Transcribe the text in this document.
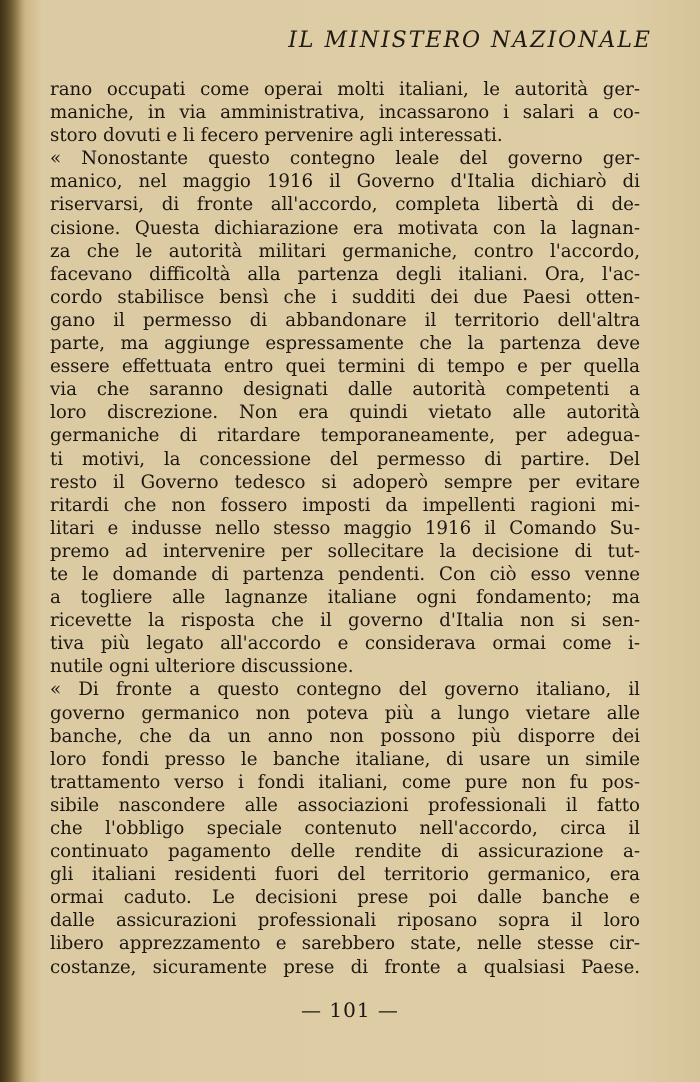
IL MINISTERO NAZIONALE
rano occupati come operai molti italiani, le autorità ger-
maniche, in via amministrativa, incassarono i salari a co-
storo dovuti e li fecero pervenire agli interessati.
« Nonostante questo contegno leale del governo ger-
manico, nel maggio 1916 il Governo d'Italia dichiarò di
riservarsi, di fronte all'accordo, completa libertà di de-
cisione. Questa dichiarazione era motivata con la lagnan-
za che le autorità militari germaniche, contro l'accordo,
facevano difficoltà alla partenza degli italiani. Ora, l'ac-
cordo stabilisce bensì che i sudditi dei due Paesi otten-
gano il permesso di abbandonare il territorio dell'altra
parte, ma aggiunge espressamente che la partenza deve
essere effettuata entro quei termini di tempo e per quella
via che saranno designati dalle autorità competenti a
loro discrezione. Non era quindi vietato alle autorità
germaniche di ritardare temporaneamente, per adegua-
ti motivi, la concessione del permesso di partire. Del
resto il Governo tedesco si adoperò sempre per evitare
ritardi che non fossero imposti da impellenti ragioni mi-
litari e indusse nello stesso maggio 1916 il Comando Su-
premo ad intervenire per sollecitare la decisione di tut-
te le domande di partenza pendenti. Con ciò esso venne
a togliere alle lagnanze italiane ogni fondamento; ma
ricevette la risposta che il governo d'Italia non si sen-
tiva più legato all'accordo e considerava ormai come i-
nutile ogni ulteriore discussione.
« Di fronte a questo contegno del governo italiano, il
governo germanico non poteva più a lungo vietare alle
banche, che da un anno non possono più disporre dei
loro fondi presso le banche italiane, di usare un simile
trattamento verso i fondi italiani, come pure non fu pos-
sibile nascondere alle associazioni professionali il fatto
che l'obbligo speciale contenuto nell'accordo, circa il
continuato pagamento delle rendite di assicurazione a-
gli italiani residenti fuori del territorio germanico, era
ormai caduto. Le decisioni prese poi dalle banche e
dalle assicurazioni professionali riposano sopra il loro
libero apprezzamento e sarebbero state, nelle stesse cir-
costanze, sicuramente prese di fronte a qualsiasi Paese.
— 101 —
